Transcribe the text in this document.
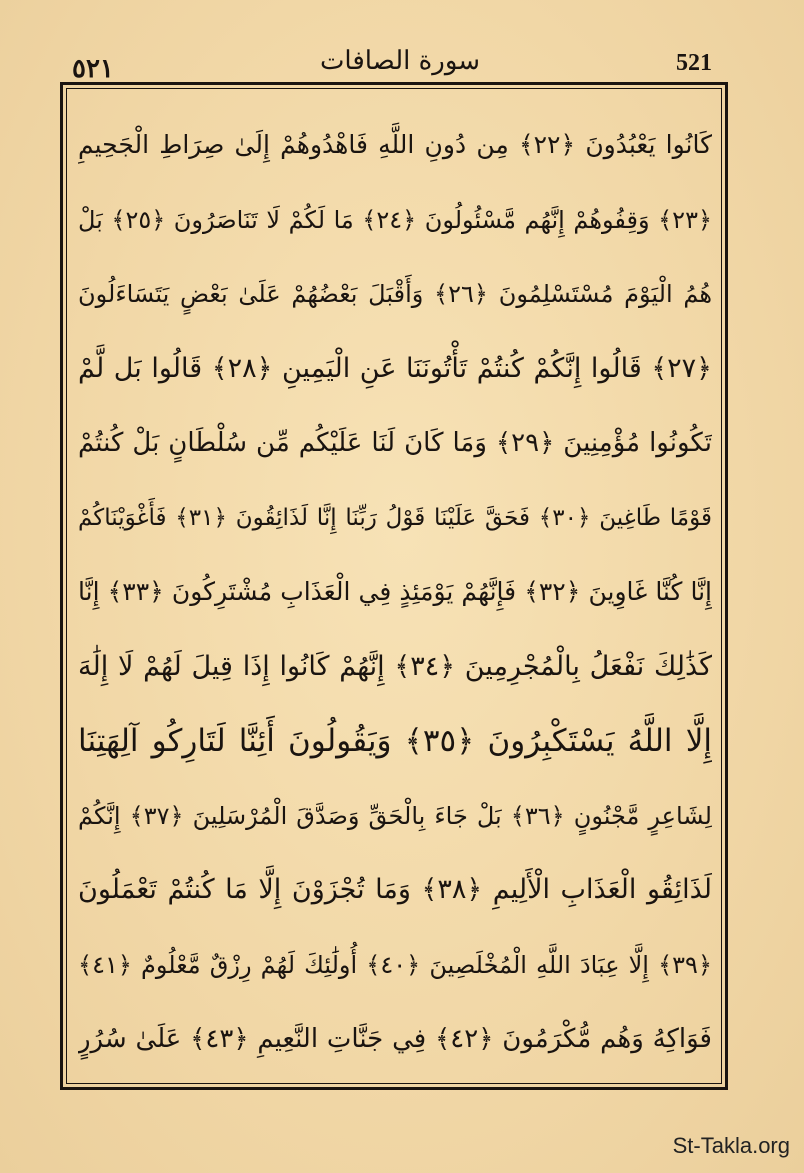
٥٢١	سورة الصافات	521
كَانُوا يَعْبُدُونَ ﴿٢٢﴾ مِن دُونِ اللَّهِ فَاهْدُوهُمْ إِلَىٰ صِرَاطِ الْجَحِيمِ
﴿٢٣﴾ وَقِفُوهُمْ إِنَّهُم مَّسْئُولُونَ ﴿٢٤﴾ مَا لَكُمْ لَا تَنَاصَرُونَ ﴿٢٥﴾ بَلْ
هُمُ الْيَوْمَ مُسْتَسْلِمُونَ ﴿٢٦﴾ وَأَقْبَلَ بَعْضُهُمْ عَلَىٰ بَعْضٍ يَتَسَاءَلُونَ
﴿٢٧﴾ قَالُوا إِنَّكُمْ كُنتُمْ تَأْتُونَنَا عَنِ الْيَمِينِ ﴿٢٨﴾ قَالُوا بَل لَّمْ
تَكُونُوا مُؤْمِنِينَ ﴿٢٩﴾ وَمَا كَانَ لَنَا عَلَيْكُم مِّن سُلْطَانٍ بَلْ كُنتُمْ
قَوْمًا طَاغِينَ ﴿٣٠﴾ فَحَقَّ عَلَيْنَا قَوْلُ رَبِّنَا إِنَّا لَذَائِقُونَ ﴿٣١﴾ فَأَغْوَيْنَاكُمْ
إِنَّا كُنَّا غَاوِينَ ﴿٣٢﴾ فَإِنَّهُمْ يَوْمَئِذٍ فِي الْعَذَابِ مُشْتَرِكُونَ ﴿٣٣﴾ إِنَّا
كَذَٰلِكَ نَفْعَلُ بِالْمُجْرِمِينَ ﴿٣٤﴾ إِنَّهُمْ كَانُوا إِذَا قِيلَ لَهُمْ لَا إِلَٰهَ
إِلَّا اللَّهُ يَسْتَكْبِرُونَ ﴿٣٥﴾ وَيَقُولُونَ أَئِنَّا لَتَارِكُو آلِهَتِنَا
لِشَاعِرٍ مَّجْنُونٍ ﴿٣٦﴾ بَلْ جَاءَ بِالْحَقِّ وَصَدَّقَ الْمُرْسَلِينَ ﴿٣٧﴾ إِنَّكُمْ
لَذَائِقُو الْعَذَابِ الْأَلِيمِ ﴿٣٨﴾ وَمَا تُجْزَوْنَ إِلَّا مَا كُنتُمْ تَعْمَلُونَ
﴿٣٩﴾ إِلَّا عِبَادَ اللَّهِ الْمُخْلَصِينَ ﴿٤٠﴾ أُولَٰئِكَ لَهُمْ رِزْقٌ مَّعْلُومٌ ﴿٤١﴾
فَوَاكِهُ وَهُم مُّكْرَمُونَ ﴿٤٢﴾ فِي جَنَّاتِ النَّعِيمِ ﴿٤٣﴾ عَلَىٰ سُرُرٍ
St-Takla.org
